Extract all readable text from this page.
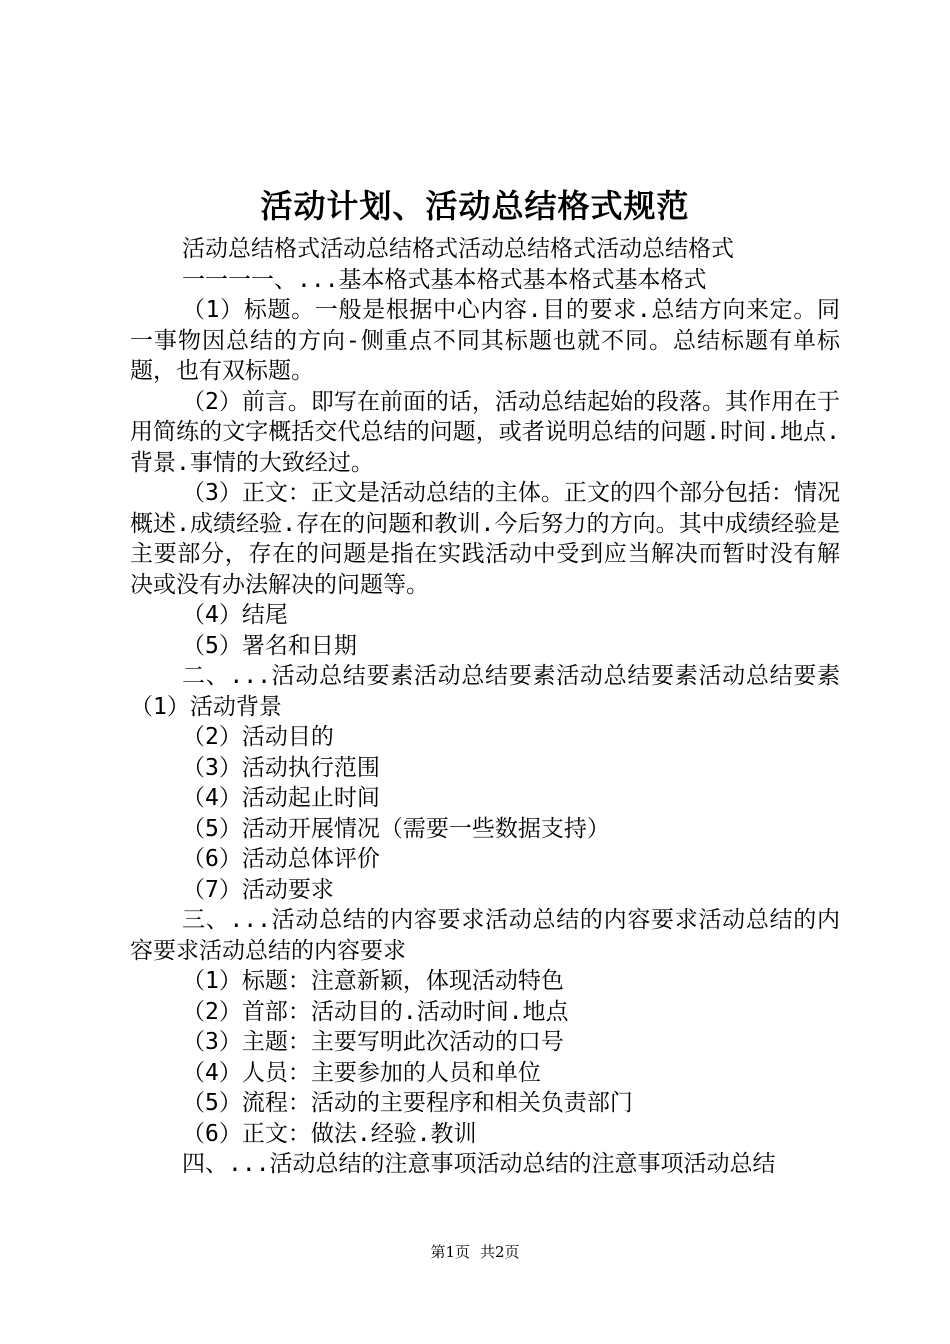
活动计划、活动总结格式规范
活动总结格式活动总结格式活动总结格式活动总结格式
一一一一、...基本格式基本格式基本格式基本格式
（1）标题。一般是根据中心内容.目的要求.总结方向来定。同一事物因总结的方向-侧重点不同其标题也就不同。总结标题有单标题，也有双标题。
（2）前言。即写在前面的话，活动总结起始的段落。其作用在于用简练的文字概括交代总结的问题，或者说明总结的问题.时间.地点.背景.事情的大致经过。
（3）正文：正文是活动总结的主体。正文的四个部分包括：情况概述.成绩经验.存在的问题和教训.今后努力的方向。其中成绩经验是主要部分，存在的问题是指在实践活动中受到应当解决而暂时没有解决或没有办法解决的问题等。
（4）结尾
（5）署名和日期
二、...活动总结要素活动总结要素活动总结要素活动总结要素（1）活动背景
（2）活动目的
（3）活动执行范围
（4）活动起止时间
（5）活动开展情况（需要一些数据支持）
（6）活动总体评价
（7）活动要求
三、...活动总结的内容要求活动总结的内容要求活动总结的内容要求活动总结的内容要求
（1）标题：注意新颖，体现活动特色
（2）首部：活动目的.活动时间.地点
（3）主题：主要写明此次活动的口号
（4）人员：主要参加的人员和单位
（5）流程：活动的主要程序和相关负责部门
（6）正文：做法.经验.教训
四、...活动总结的注意事项活动总结的注意事项活动总结
第1页 共2页
